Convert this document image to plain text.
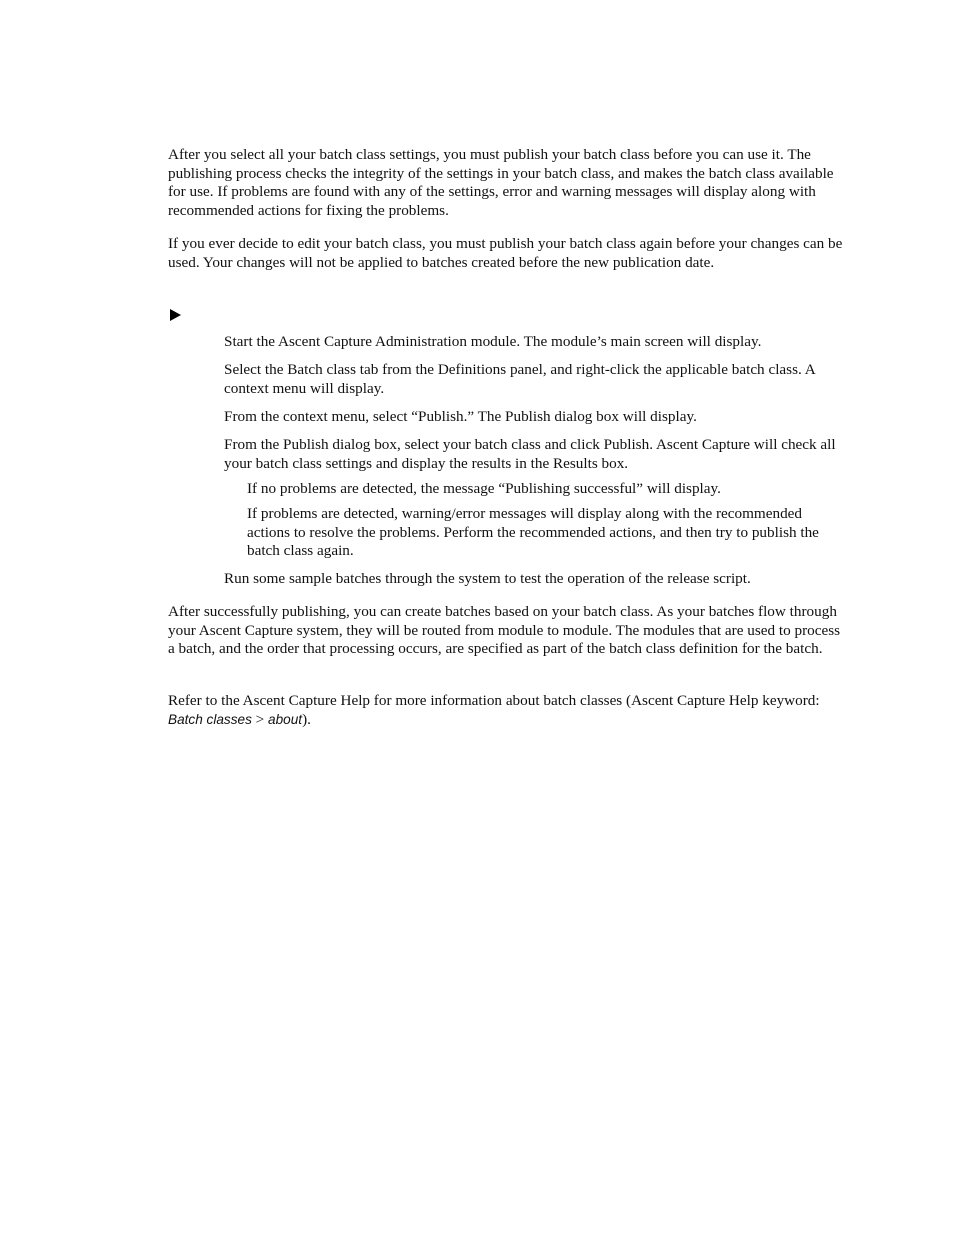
After you select all your batch class settings, you must publish your batch class before you can use it. The publishing process checks the integrity of the settings in your batch class, and makes the batch class available for use. If problems are found with any of the settings, error and warning messages will display along with recommended actions for fixing the problems.

If you ever decide to edit your batch class, you must publish your batch class again before your changes can be used. Your changes will not be applied to batches created before the new publication date.

Start the Ascent Capture Administration module. The module’s main screen will display.

Select the Batch class tab from the Definitions panel, and right-click the applicable batch class. A context menu will display.

From the context menu, select “Publish.” The Publish dialog box will display.

From the Publish dialog box, select your batch class and click Publish. Ascent Capture will check all your batch class settings and display the results in the Results box.

If no problems are detected, the message “Publishing successful” will display.

If problems are detected, warning/error messages will display along with the recommended actions to resolve the problems. Perform the recommended actions, and then try to publish the batch class again.

Run some sample batches through the system to test the operation of the release script.

After successfully publishing, you can create batches based on your batch class. As your batches flow through your Ascent Capture system, they will be routed from module to module. The modules that are used to process a batch, and the order that processing occurs, are specified as part of the batch class definition for the batch.

Refer to the Ascent Capture Help for more information about batch classes (Ascent Capture Help keyword: Batch classes > about).
